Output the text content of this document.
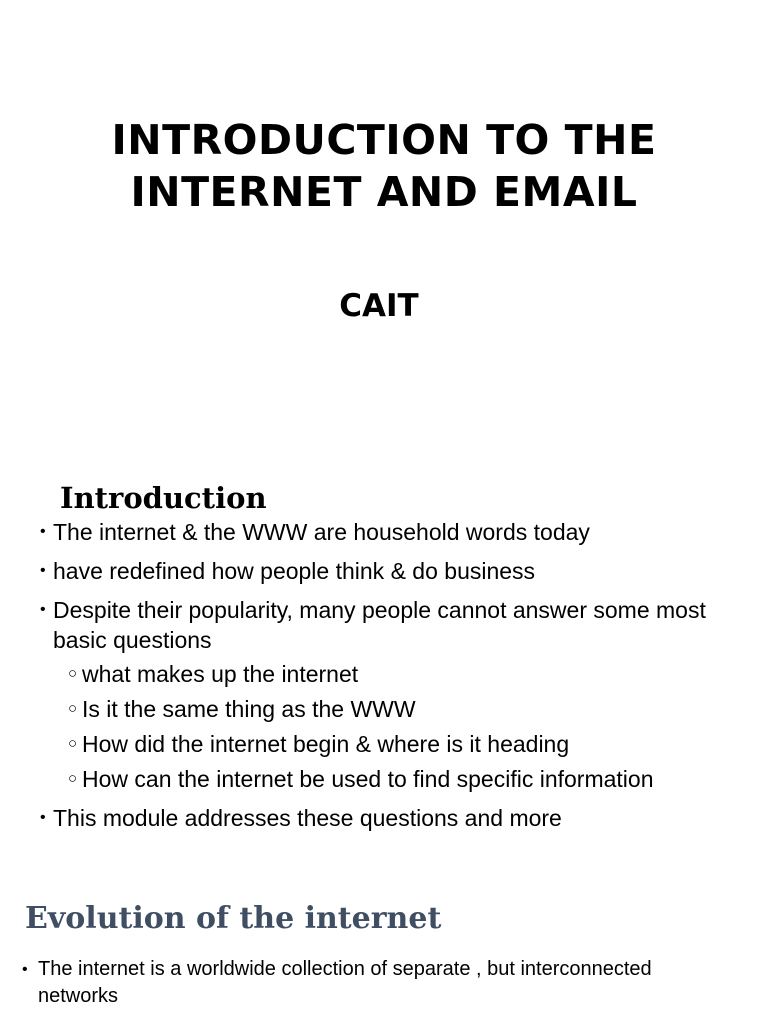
INTRODUCTION TO THE INTERNET AND EMAIL
CAIT
Introduction
• The internet & the WWW are household words today
• have redefined how people think & do business
• Despite their popularity, many people cannot answer some most basic questions
○ what makes up the internet
○ Is it the same thing as the WWW
○ How did the internet begin & where is it heading
○ How can the internet be used to find specific information
• This module addresses these questions and more
Evolution of the internet
• The internet is a worldwide collection of separate , but interconnected networks
